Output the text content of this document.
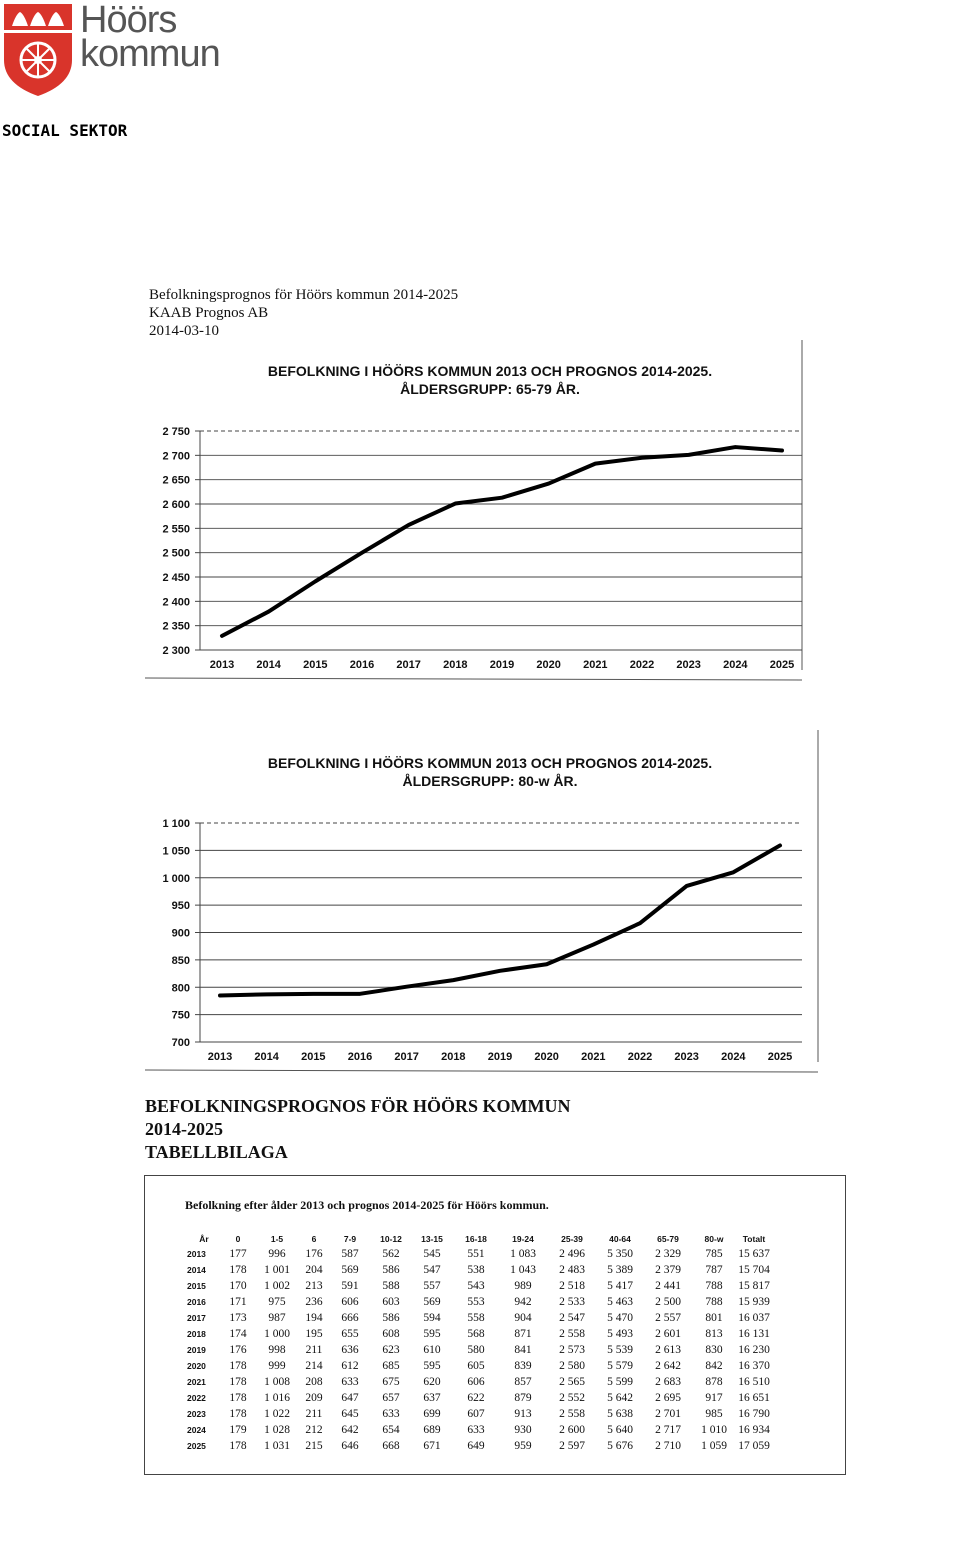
Höörs
kommun
SOCIAL SEKTOR
Befolkningsprognos för Höörs kommun 2014-2025
KAAB Prognos AB
2014-03-10
BEFOLKNING I HÖÖRS KOMMUN 2013 OCH PROGNOS 2014-2025.
ÅLDERSGRUPP: 65-79 ÅR.
2 300
2 350
2 400
2 450
2 500
2 550
2 600
2 650
2 700
2 750
2013 2014 2015 2016 2017 2018 2019 2020 2021 2022 2023 2024 2025
BEFOLKNING I HÖÖRS KOMMUN 2013 OCH PROGNOS 2014-2025.
ÅLDERSGRUPP: 80-w ÅR.
700
750
800
850
900
950
1 000
1 050
1 100
2013 2014 2015 2016 2017 2018 2019 2020 2021 2022 2023 2024 2025
BEFOLKNINGSPROGNOS FÖR HÖÖRS KOMMUN
2014-2025
TABELLBILAGA
Befolkning efter ålder 2013 och prognos 2014-2025 för Höörs kommun.
År	0	1-5	6	7-9	10-12	13-15	16-18	19-24	25-39	40-64	65-79	80-w	Totalt
2013	177	996	176	587	562	545	551	1 083	2 496	5 350	2 329	785	15 637
2014	178	1 001	204	569	586	547	538	1 043	2 483	5 389	2 379	787	15 704
2015	170	1 002	213	591	588	557	543	989	2 518	5 417	2 441	788	15 817
2016	171	975	236	606	603	569	553	942	2 533	5 463	2 500	788	15 939
2017	173	987	194	666	586	594	558	904	2 547	5 470	2 557	801	16 037
2018	174	1 000	195	655	608	595	568	871	2 558	5 493	2 601	813	16 131
2019	176	998	211	636	623	610	580	841	2 573	5 539	2 613	830	16 230
2020	178	999	214	612	685	595	605	839	2 580	5 579	2 642	842	16 370
2021	178	1 008	208	633	675	620	606	857	2 565	5 599	2 683	878	16 510
2022	178	1 016	209	647	657	637	622	879	2 552	5 642	2 695	917	16 651
2023	178	1 022	211	645	633	699	607	913	2 558	5 638	2 701	985	16 790
2024	179	1 028	212	642	654	689	633	930	2 600	5 640	2 717	1 010	16 934
2025	178	1 031	215	646	668	671	649	959	2 597	5 676	2 710	1 059	17 059
